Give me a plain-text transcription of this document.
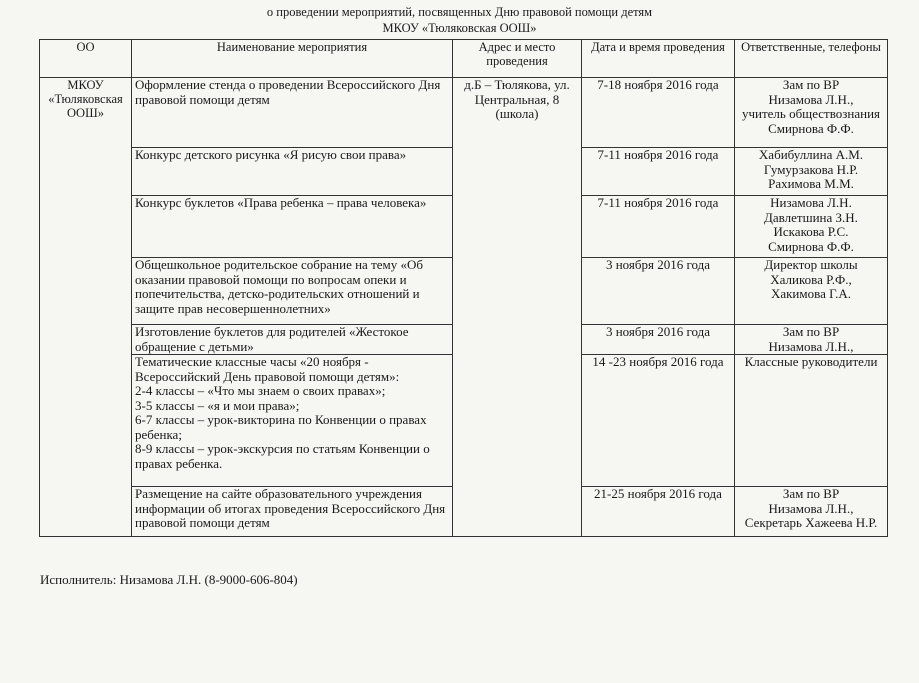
о проведении мероприятий, посвященных Дню правовой помощи детям
МКОУ «Тюляковская ООШ»
ОО	Наименование мероприятия	Адрес и место проведения	Дата и время проведения	Ответственные, телефоны
МКОУ «Тюляковская ООШ»	Оформление стенда о проведении Всероссийского Дня правовой помощи детям	д.Б – Тюлякова, ул. Центральная, 8 (школа)	7-18 ноября 2016 года	Зам по ВР
Низамова Л.Н.,
учитель обществознания
Смирнова Ф.Ф.
	Конкурс детского рисунка «Я рисую свои права»		7-11 ноября 2016 года	Хабибуллина А.М.
Гумурзакова Н.Р.
Рахимова М.М.
	Конкурс буклетов «Права ребенка – права человека»		7-11 ноября 2016 года	Низамова Л.Н.
Давлетшина З.Н.
Искакова Р.С.
Смирнова Ф.Ф.
	Общешкольное родительское собрание на тему «Об оказании правовой помощи по вопросам опеки и попечительства, детско-родительских отношений и защите прав несовершеннолетних»		3 ноября 2016 года	Директор школы
Халикова Р.Ф.,
Хакимова Г.А.
	Изготовление буклетов для родителей «Жестокое обращение с детьми»		3 ноября 2016 года	Зам по ВР
Низамова Л.Н.,
	Тематические классные часы «20 ноября - Всероссийский День правовой помощи детям»:
2-4 классы – «Что мы знаем о своих правах»;
3-5 классы – «я и мои права»;
6-7 классы – урок-викторина по Конвенции о правах ребенка;
8-9 классы – урок-экскурсия по статьям Конвенции о правах ребенка.		14 -23 ноября 2016 года	Классные руководители
	Размещение на сайте образовательного учреждения информации об итогах проведения Всероссийского Дня правовой помощи детям		21-25 ноября 2016 года	Зам по ВР
Низамова Л.Н.,
Секретарь Хажеева Н.Р.
Исполнитель: Низамова Л.Н. (8-9000-606-804)
